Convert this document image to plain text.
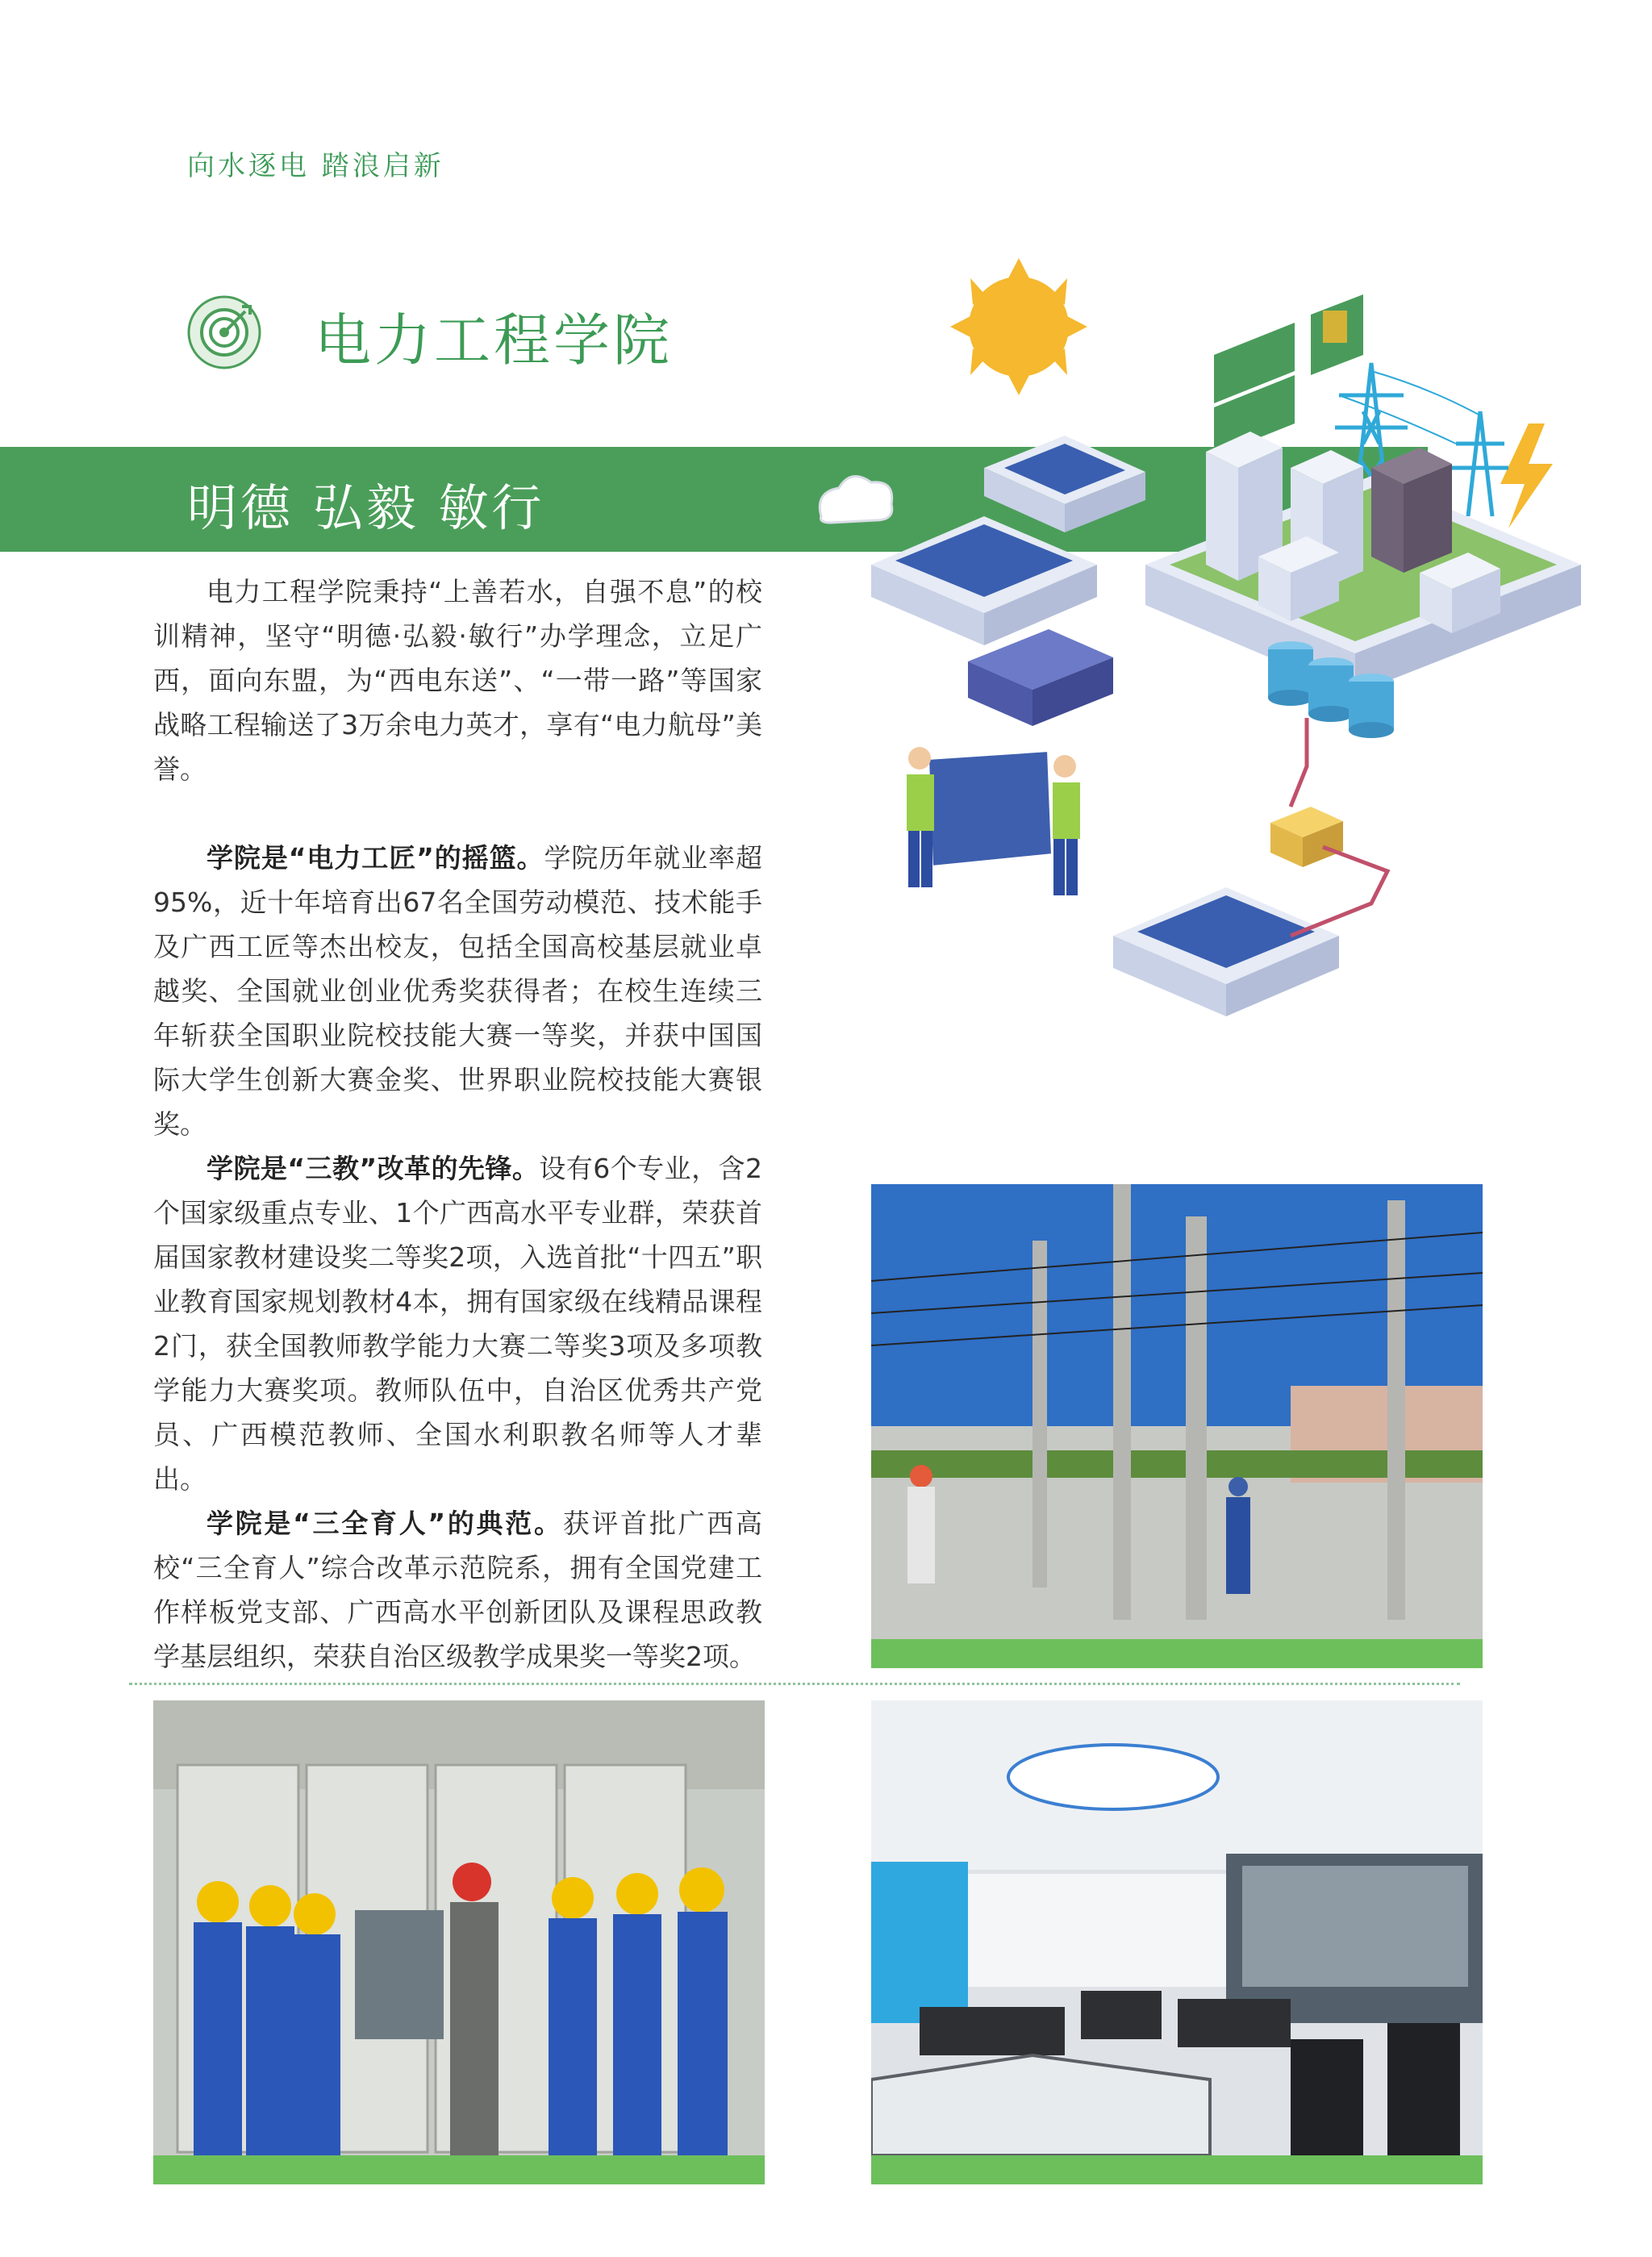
向水逐电 踏浪启新
电力工程学院
明德 弘毅 敏行

电力工程学院秉持“上善若水，自强不息”的校训精神，坚守“明德·弘毅·敏行”办学理念，立足广西，面向东盟，为“西电东送”、“一带一路”等国家战略工程输送了3万余电力英才，享有“电力航母”美誉。

学院是“电力工匠”的摇篮。学院历年就业率超95%，近十年培育出67名全国劳动模范、技术能手及广西工匠等杰出校友，包括全国高校基层就业卓越奖、全国就业创业优秀奖获得者；在校生连续三年斩获全国职业院校技能大赛一等奖，并获中国国际大学生创新大赛金奖、世界职业院校技能大赛银奖。

学院是“三教”改革的先锋。设有6个专业，含2个国家级重点专业、1个广西高水平专业群，荣获首届国家教材建设奖二等奖2项，入选首批“十四五”职业教育国家规划教材4本，拥有国家级在线精品课程2门，获全国教师教学能力大赛二等奖3项及多项教学能力大赛奖项。教师队伍中，自治区优秀共产党员、广西模范教师、全国水利职教名师等人才辈出。

学院是“三全育人”的典范。获评首批广西高校“三全育人”综合改革示范院系，拥有全国党建工作样板党支部、广西高水平创新团队及课程思政教学基层组织，荣获自治区级教学成果奖一等奖2项。
